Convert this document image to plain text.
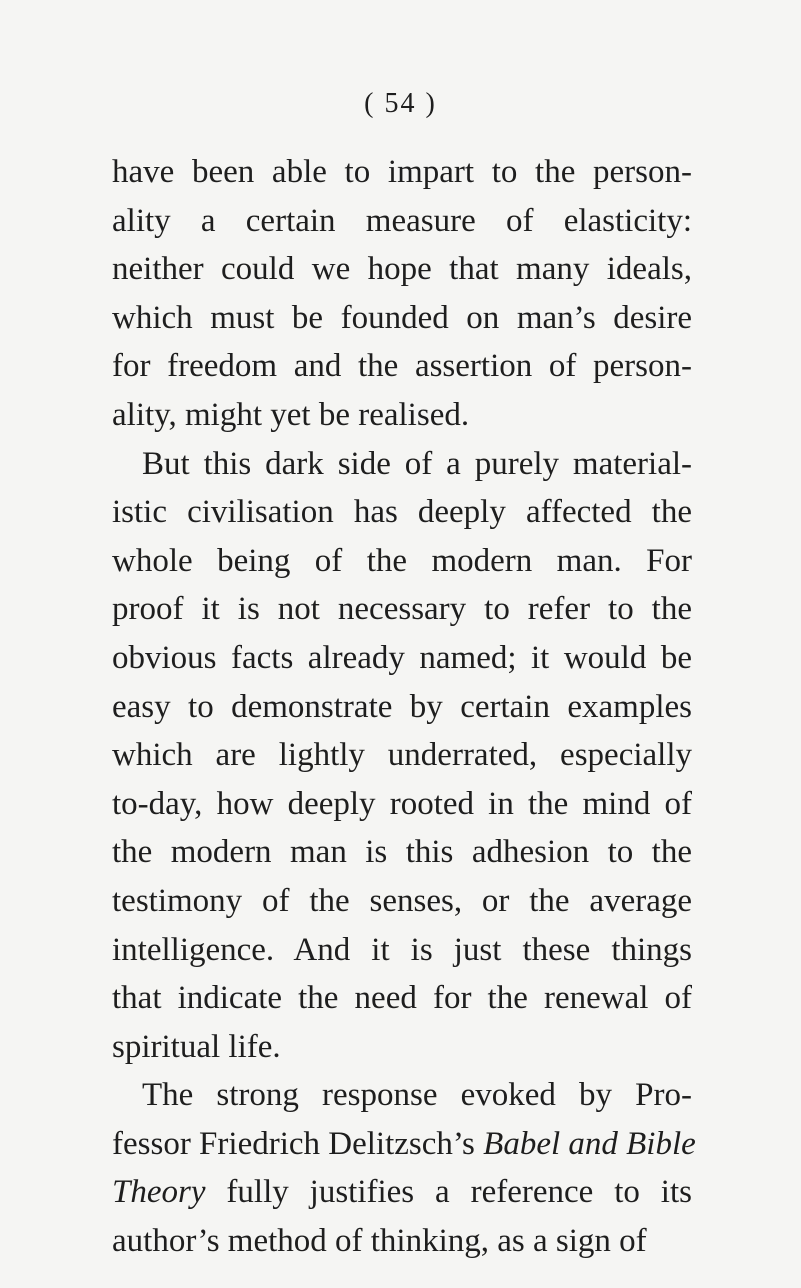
( 54 )
have been able to impart to the person-
ality a certain measure of elasticity:
neither could we hope that many ideals,
which must be founded on man’s desire
for freedom and the assertion of person-
ality, might yet be realised.
But this dark side of a purely material-
istic civilisation has deeply affected the
whole being of the modern man. For
proof it is not necessary to refer to the
obvious facts already named; it would be
easy to demonstrate by certain examples
which are lightly underrated, especially
to-day, how deeply rooted in the mind of
the modern man is this adhesion to the
testimony of the senses, or the average
intelligence. And it is just these things
that indicate the need for the renewal of
spiritual life.
The strong response evoked by Pro-
fessor Friedrich Delitzsch’s Babel and Bible
Theory fully justifies a reference to its
author’s method of thinking, as a sign of
